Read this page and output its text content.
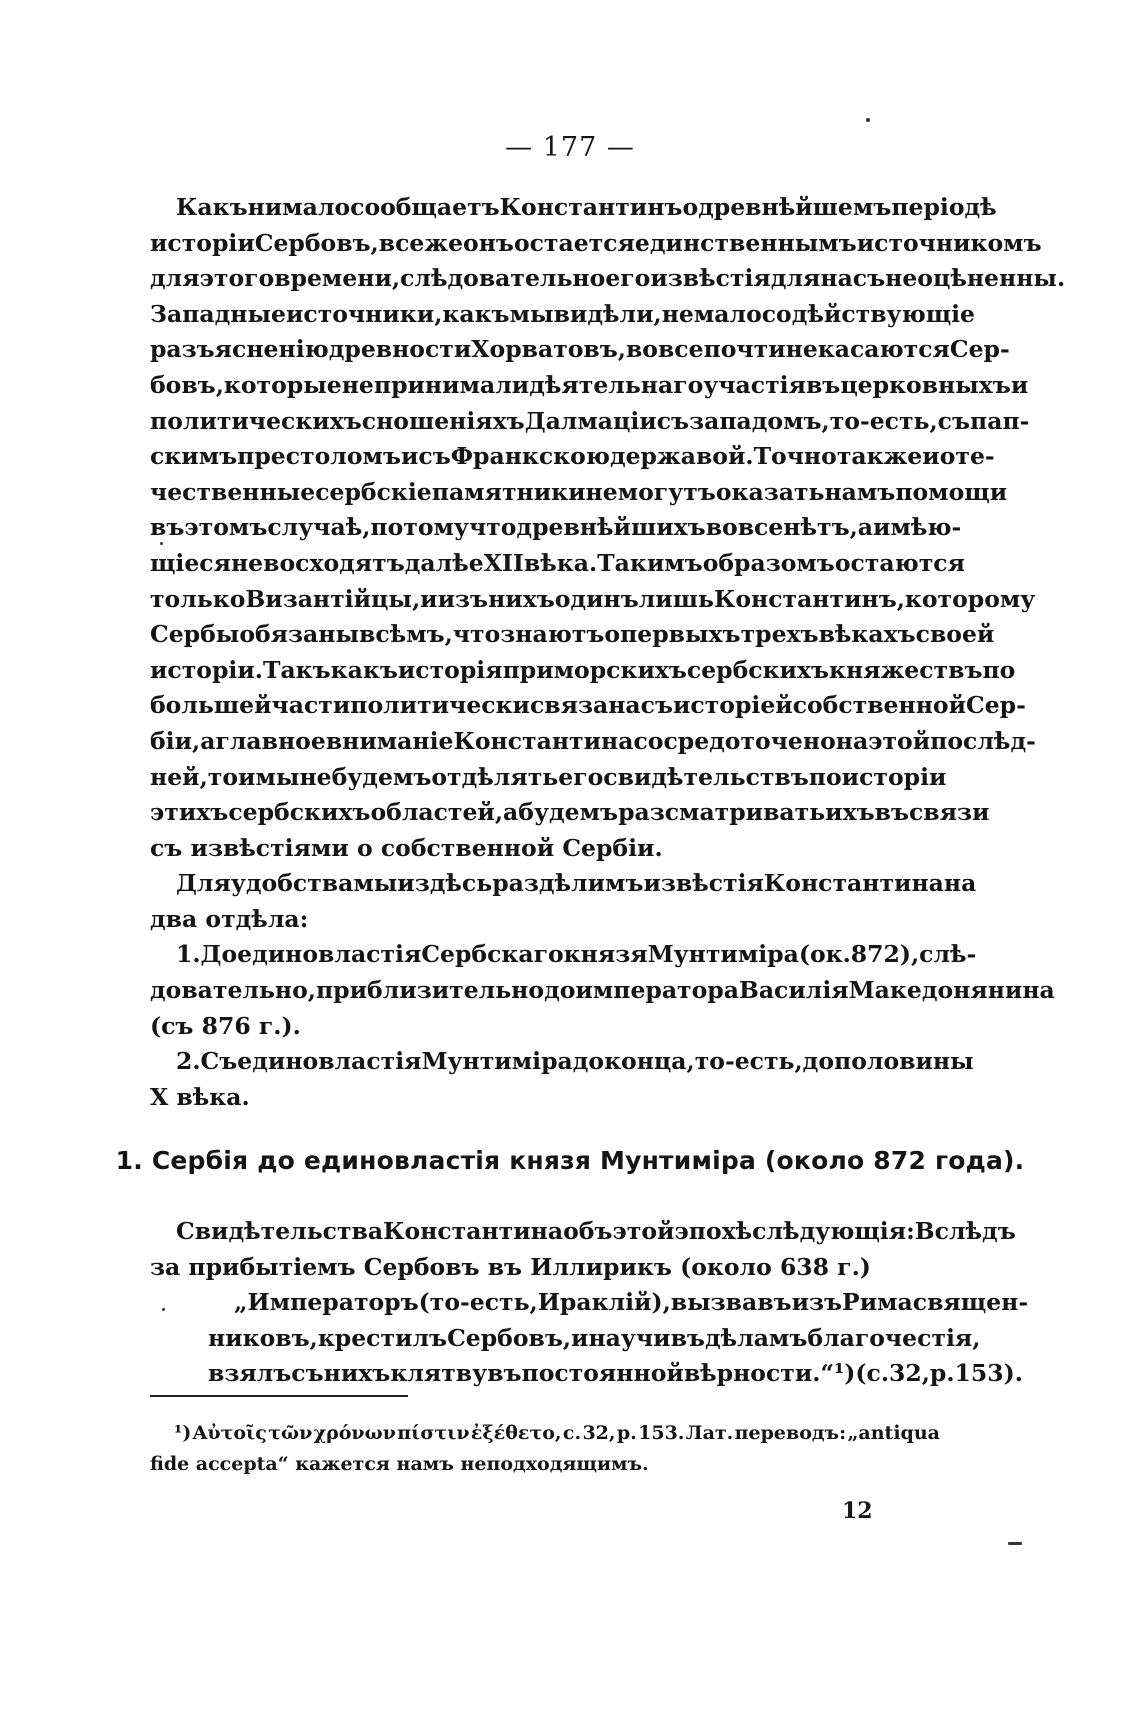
— 177 —
Какъ ни мало сообщаетъ Константинъ о древнѣйшемъ періодѣ
исторіи Сербовъ, все же онъ остается единственнымъ источникомъ
для этого времени, слѣдовательно его извѣстія для насъ неоцѣненны.
Западные источники, какъ мы видѣли, не мало содѣйствующіе
разъясненію древности Хорватовъ, вовсе почти не касаются Сер-
бовъ, которые не принимали дѣятельнаго участія въ церковныхъ и
политическихъ сношеніяхъ Далмаціи съ западомъ, то-есть, съ пап-
скимъ престоломъ и съ Франкскою державой. Точно также и оте-
чественные сербскіе памятники не могутъ оказать намъ помощи
въ этомъ случаѣ, потому что древнѣйшихъ вовсе нѣтъ, а имѣю-
щіеся не восходятъ далѣе XII вѣка. Такимъ образомъ остаются
только Византійцы, и изъ нихъ одинъ лишь Константинъ, которому
Сербы обязаны всѣмъ, что знаютъ о первыхъ трехъ вѣкахъ своей
исторіи. Такъ какъ исторія приморскихъ сербскихъ княжествъ по
большей части политически связана съ исторіей собственной Сер-
біи, а главное вниманіе Константина сосредоточено на этой послѣд-
ней, то и мы не будемъ отдѣлять его свидѣтельствъ по исторіи
этихъ сербскихъ областей, а будемъ разсматривать ихъ въ связи
съ извѣстіями о собственной Сербіи.
Для удобства мы и здѣсь раздѣлимъ извѣстія Константина на
два отдѣла:
1. До единовластія Сербскаго князя Мунтиміра (ок. 872), слѣ-
довательно, приблизительно до императора Василія Македонянина
(съ 876 г.).
2. Съ единовластія Мунтиміра до конца, то-есть, до половины
X вѣка.
1. Сербія до единовластія князя Мунтиміра (около 872 года).
Свидѣтельства Константина объ этой эпохѣ слѣдующія: Вслѣдъ
за прибытіемъ Сербовъ въ Иллирикъ (около 638 г.)
„Императоръ (то-есть, Ираклій), вызвавъ изъ Рима священ-
никовъ, крестилъ Сербовъ, и научивъ дѣламъ благочестія,
взялъ съ нихъ клятву въ постоянной вѣрности.“ ¹) (с. 32, р. 153).
¹) Αὐτοῖς τῶν χρόνων πίστιν ἐξέθετο, с. 32, р. 153. Лат. переводъ: „antiqua
fide accepta“ кажется намъ неподходящимъ.
12
